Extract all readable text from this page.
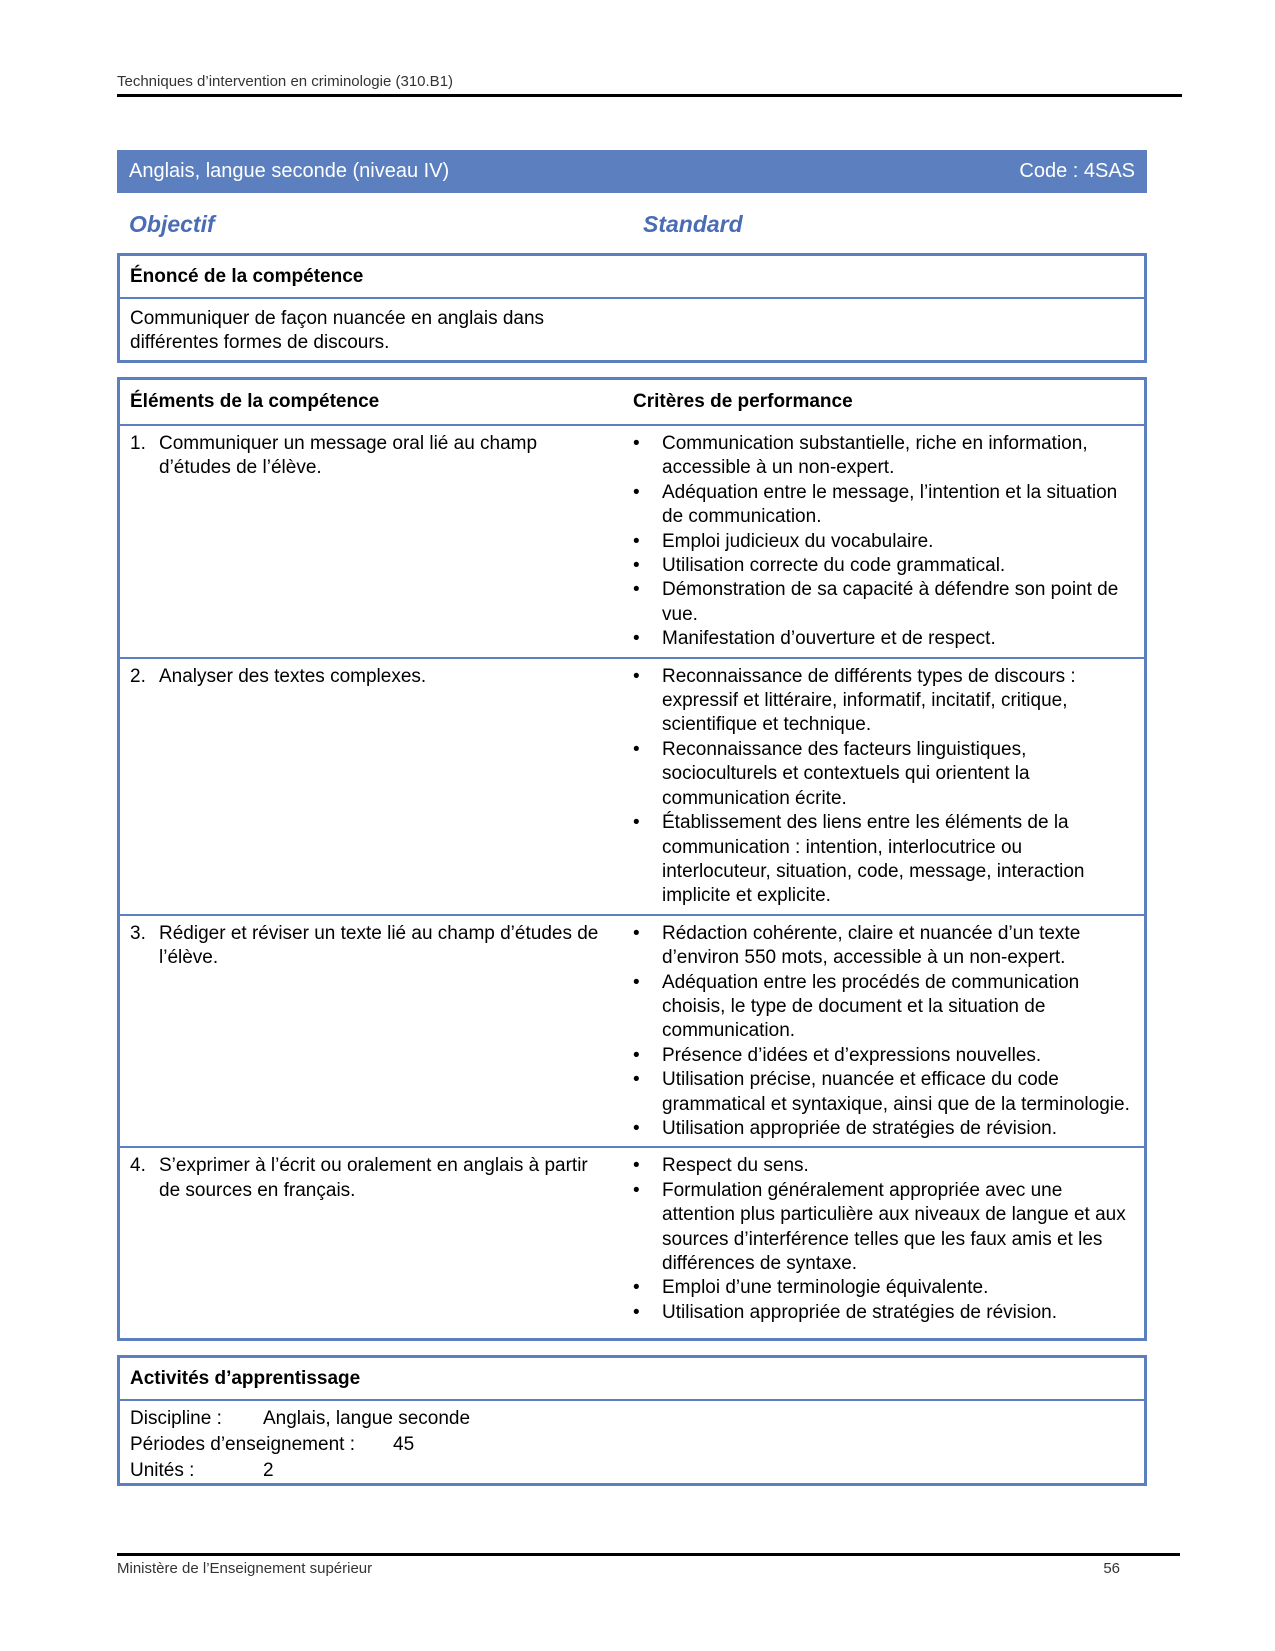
Techniques d’intervention en criminologie (310.B1)
Anglais, langue seconde (niveau IV)	Code : 4SAS
Objectif	Standard
Énoncé de la compétence
Communiquer de façon nuancée en anglais dans différentes formes de discours.
Éléments de la compétence	Critères de performance
1. Communiquer un message oral lié au champ d’études de l’élève.
•	Communication substantielle, riche en information, accessible à un non-expert.
•	Adéquation entre le message, l’intention et la situation de communication.
•	Emploi judicieux du vocabulaire.
•	Utilisation correcte du code grammatical.
•	Démonstration de sa capacité à défendre son point de vue.
•	Manifestation d’ouverture et de respect.
2. Analyser des textes complexes.	•	Reconnaissance de différents types de discours : expressif et littéraire, informatif, incitatif, critique, scientifique et technique.
•	Reconnaissance des facteurs linguistiques, socioculturels et contextuels qui orientent la communication écrite.
•	Établissement des liens entre les éléments de la communication : intention, interlocutrice ou interlocuteur, situation, code, message, interaction implicite et explicite.
3. Rédiger et réviser un texte lié au champ d’études de l’élève.
•	Rédaction cohérente, claire et nuancée d’un texte d’environ 550 mots, accessible à un non-expert.
•	Adéquation entre les procédés de communication choisis, le type de document et la situation de communication.
•	Présence d’idées et d’expressions nouvelles.
•	Utilisation précise, nuancée et efficace du code grammatical et syntaxique, ainsi que de la terminologie.
•	Utilisation appropriée de stratégies de révision.
4. S’exprimer à l’écrit ou oralement en anglais à partir de sources en français.
•	Respect du sens.
•	Formulation généralement appropriée avec une attention plus particulière aux niveaux de langue et aux sources d’interférence telles que les faux amis et les différences de syntaxe.
•	Emploi d’une terminologie équivalente.
•	Utilisation appropriée de stratégies de révision.
Activités d’apprentissage
Discipline :	Anglais, langue seconde
Périodes d’enseignement :	45
Unités :	2
Ministère de l’Enseignement supérieur	56
